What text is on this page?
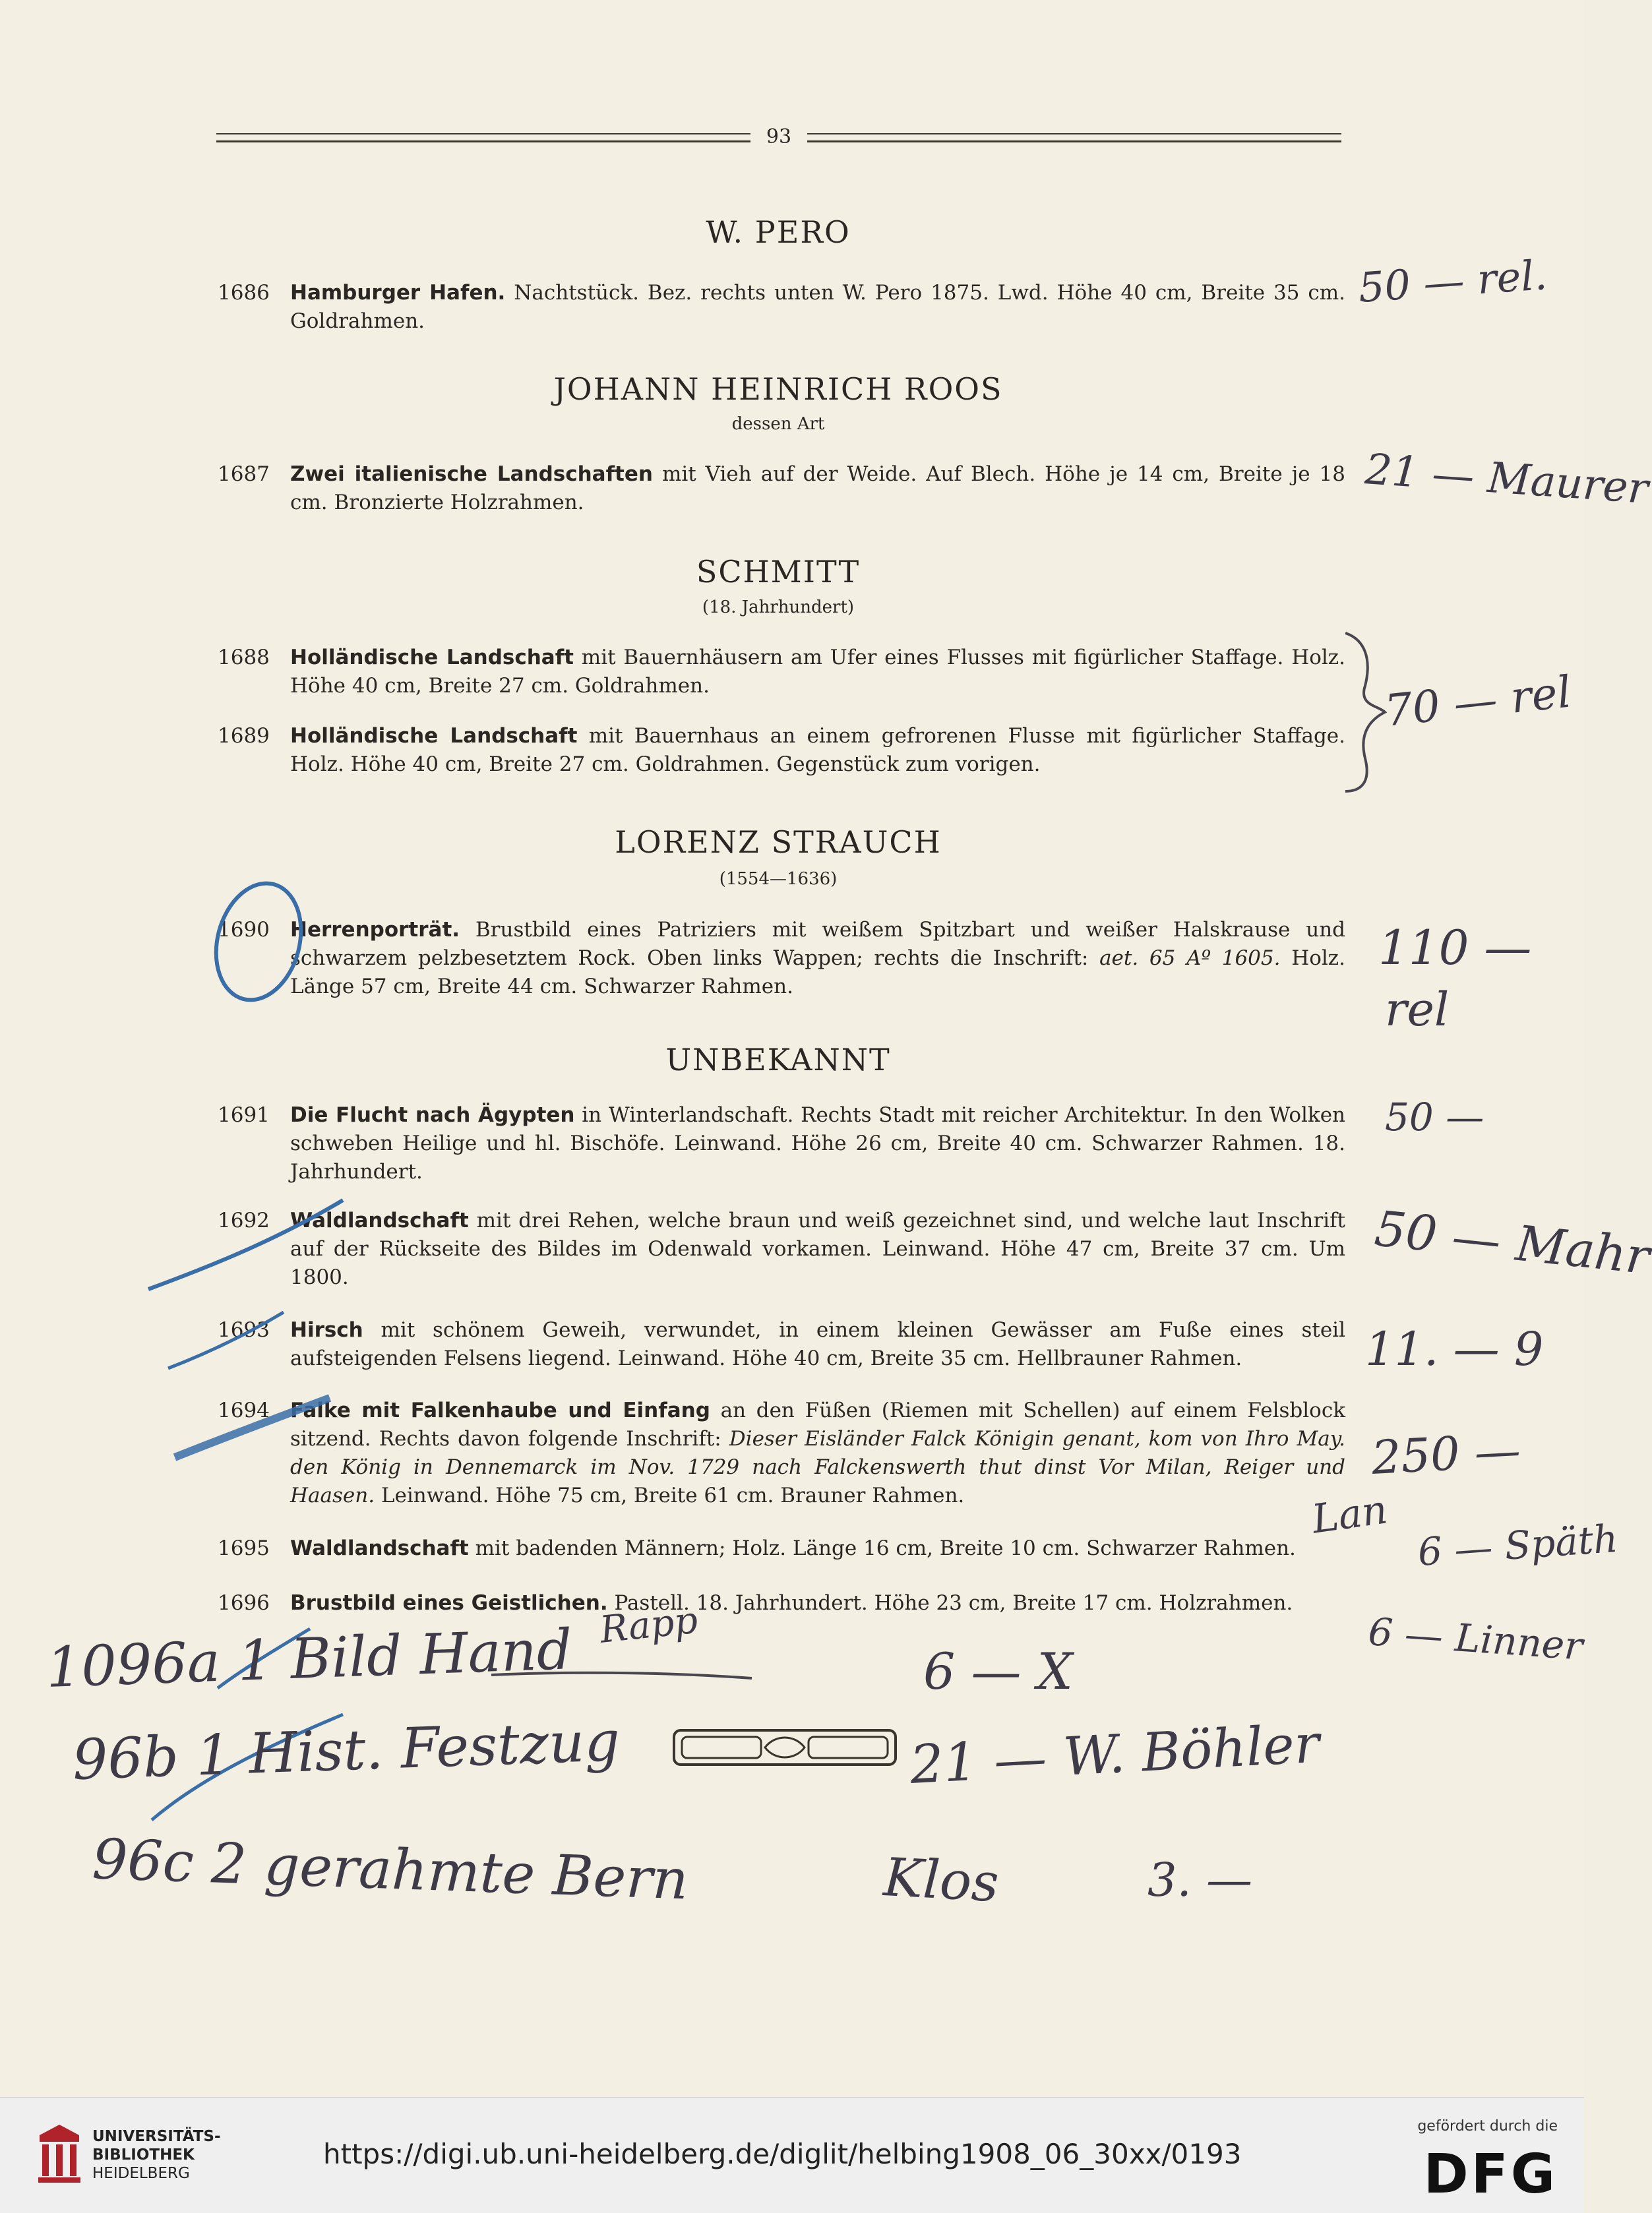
93
W. PERO
1686	Hamburger Hafen. Nachtstück. Bez. rechts unten W. Pero 1875. Lwd. Höhe 40 cm, Breite 35 cm. Goldrahmen.
JOHANN HEINRICH ROOS
dessen Art
1687	Zwei italienische Landschaften mit Vieh auf der Weide. Auf Blech. Höhe je 14 cm, Breite je 18 cm. Bronzierte Holzrahmen.
SCHMITT
(18. Jahrhundert)
1688	Holländische Landschaft mit Bauernhäusern am Ufer eines Flusses mit figürlicher Staffage. Holz. Höhe 40 cm, Breite 27 cm. Goldrahmen.
1689	Holländische Landschaft mit Bauernhaus an einem gefrorenen Flusse mit figürlicher Staffage. Holz. Höhe 40 cm, Breite 27 cm. Goldrahmen. Gegenstück zum vorigen.
LORENZ STRAUCH
(1554—1636)
1690	Herrenporträt. Brustbild eines Patriziers mit weißem Spitzbart und weißer Halskrause und schwarzem pelzbesetztem Rock. Oben links Wappen; rechts die Inschrift: aet. 65 Aº 1605. Holz. Länge 57 cm, Breite 44 cm. Schwarzer Rahmen.
UNBEKANNT
1691	Die Flucht nach Ägypten in Winterlandschaft. Rechts Stadt mit reicher Architektur. In den Wolken schweben Heilige und hl. Bischöfe. Leinwand. Höhe 26 cm, Breite 40 cm. Schwarzer Rahmen. 18. Jahrhundert.
1692	Waldlandschaft mit drei Rehen, welche braun und weiß gezeichnet sind, und welche laut Inschrift auf der Rückseite des Bildes im Odenwald vorkamen. Leinwand. Höhe 47 cm, Breite 37 cm. Um 1800.
1693	Hirsch mit schönem Geweih, verwundet, in einem kleinen Gewässer am Fuße eines steil aufsteigenden Felsens liegend. Leinwand. Höhe 40 cm, Breite 35 cm. Hellbrauner Rahmen.
1694	Falke mit Falkenhaube und Einfang an den Füßen (Riemen mit Schellen) auf einem Felsblock sitzend. Rechts davon folgende Inschrift: Dieser Eisländer Falck Königin genant, kom von Ihro May. den König in Dennemarck im Nov. 1729 nach Falckenswerth thut dinst Vor Milan, Reiger und Haasen. Leinwand. Höhe 75 cm, Breite 61 cm. Brauner Rahmen.
1695	Waldlandschaft mit badenden Männern; Holz. Länge 16 cm, Breite 10 cm. Schwarzer Rahmen.
1696	Brustbild eines Geistlichen. Pastell. 18. Jahrhundert. Höhe 23 cm, Breite 17 cm. Holzrahmen.
50 — rel.
21 — Maurer
70 — rel
110 —
rel
50 —
50 — Mahr
11. — 9
250 —
Lan
6 — Späth
6 — Linner
Rapp
1096a 1 Bild Hand	6 — X
96b 1 Hist. Festzug	21 — W. Böhler
96c 2 gerahmte Bern	Klos	3. —
UNIVERSITÄTS-
BIBLIOTHEK
HEIDELBERG
https://digi.ub.uni-heidelberg.de/diglit/helbing1908_06_30xx/0193
gefördert durch die
DFG
